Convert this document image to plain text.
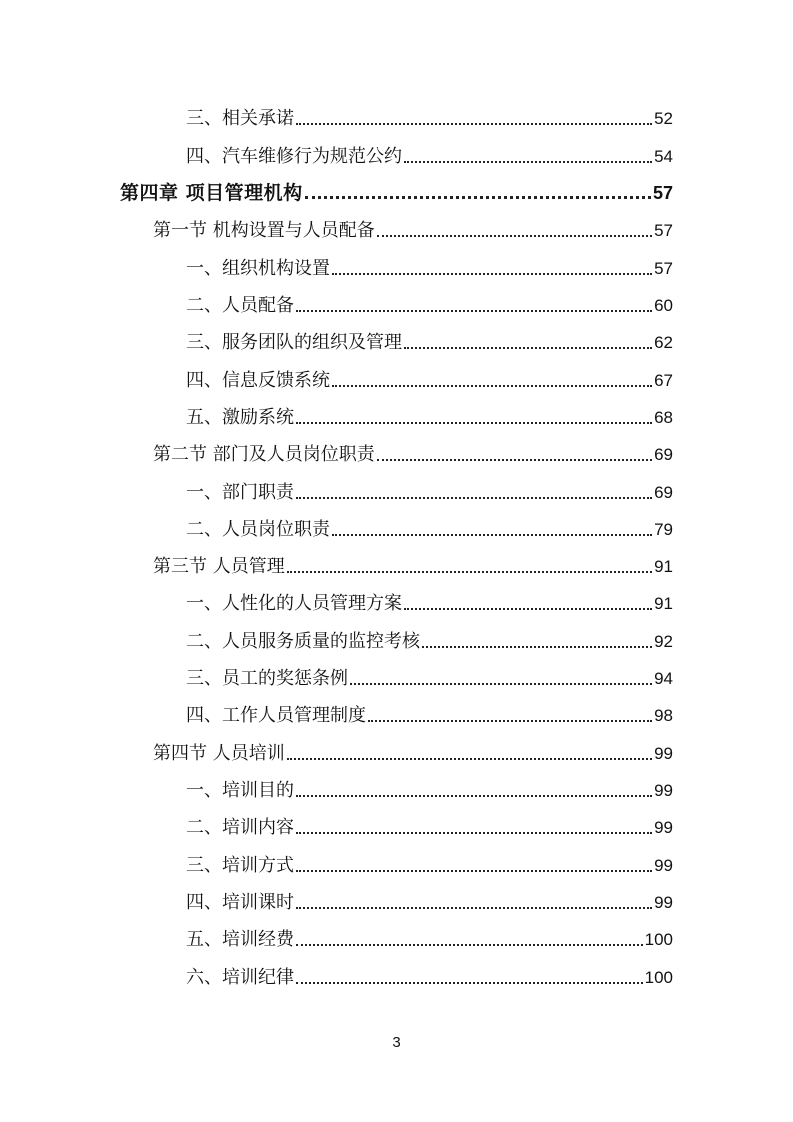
三、相关承诺	52
四、汽车维修行为规范公约	54
第四章 项目管理机构	57
第一节 机构设置与人员配备	57
一、组织机构设置	57
二、人员配备	60
三、服务团队的组织及管理	62
四、信息反馈系统	67
五、激励系统	68
第二节 部门及人员岗位职责	69
一、部门职责	69
二、人员岗位职责	79
第三节 人员管理	91
一、人性化的人员管理方案	91
二、人员服务质量的监控考核	92
三、员工的奖惩条例	94
四、工作人员管理制度	98
第四节 人员培训	99
一、培训目的	99
二、培训内容	99
三、培训方式	99
四、培训课时	99
五、培训经费	100
六、培训纪律	100
3
